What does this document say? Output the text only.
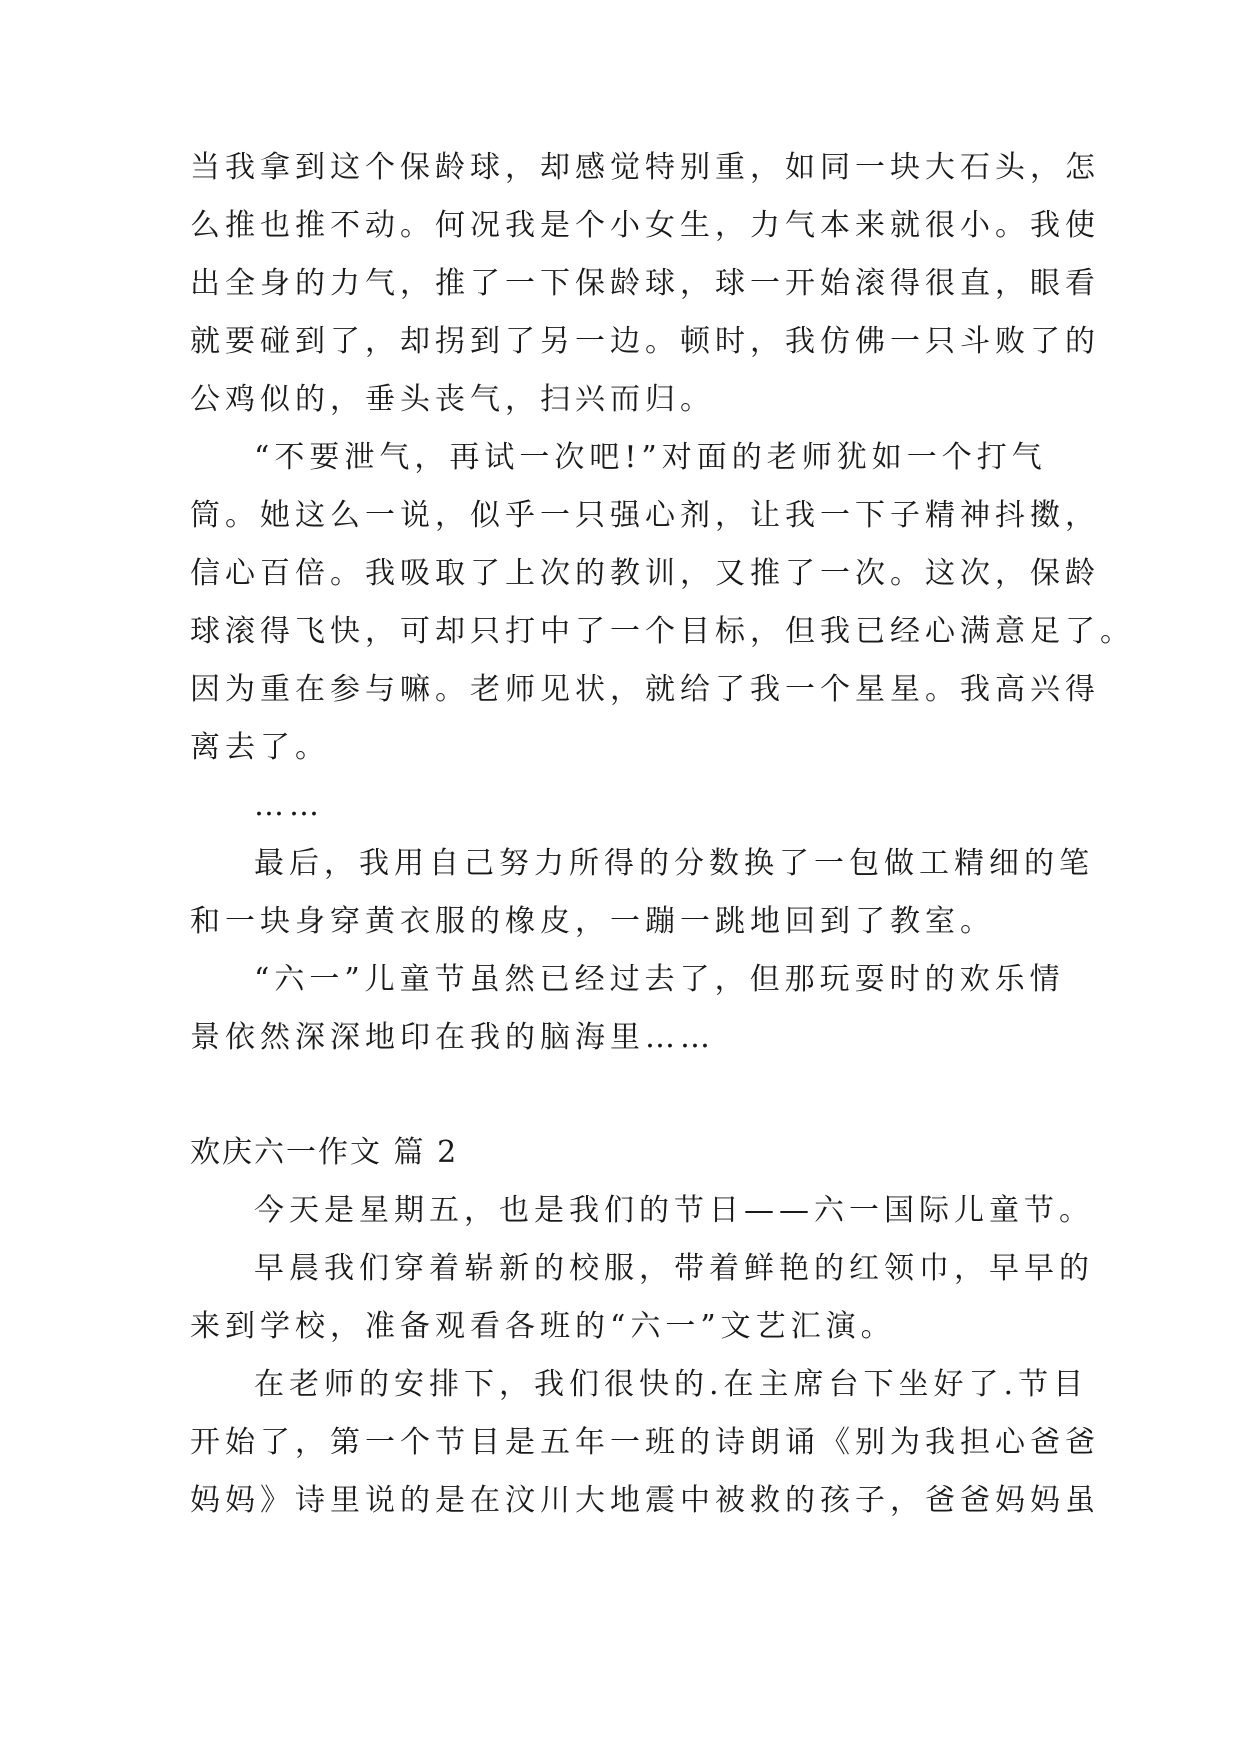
当我拿到这个保龄球，却感觉特别重，如同一块大石头，怎
么推也推不动。何况我是个小女生，力气本来就很小。我使
出全身的力气，推了一下保龄球，球一开始滚得很直，眼看
就要碰到了，却拐到了另一边。顿时，我仿佛一只斗败了的
公鸡似的，垂头丧气，扫兴而归。
“不要泄气，再试一次吧!”对面的老师犹如一个打气
筒。她这么一说，似乎一只强心剂，让我一下子精神抖擞，
信心百倍。我吸取了上次的教训，又推了一次。这次，保龄
球滚得飞快，可却只打中了一个目标，但我已经心满意足了。
因为重在参与嘛。老师见状，就给了我一个星星。我高兴得
离去了。
……
最后，我用自己努力所得的分数换了一包做工精细的笔
和一块身穿黄衣服的橡皮，一蹦一跳地回到了教室。
“六一”儿童节虽然已经过去了，但那玩耍时的欢乐情
景依然深深地印在我的脑海里……
欢庆六一作文 篇 2
今天是星期五，也是我们的节日——六一国际儿童节。
早晨我们穿着崭新的校服，带着鲜艳的红领巾，早早的
来到学校，准备观看各班的“六一”文艺汇演。
在老师的安排下，我们很快的.在主席台下坐好了.节目
开始了，第一个节目是五年一班的诗朗诵《别为我担心爸爸
妈妈》诗里说的是在汶川大地震中被救的孩子，爸爸妈妈虽
